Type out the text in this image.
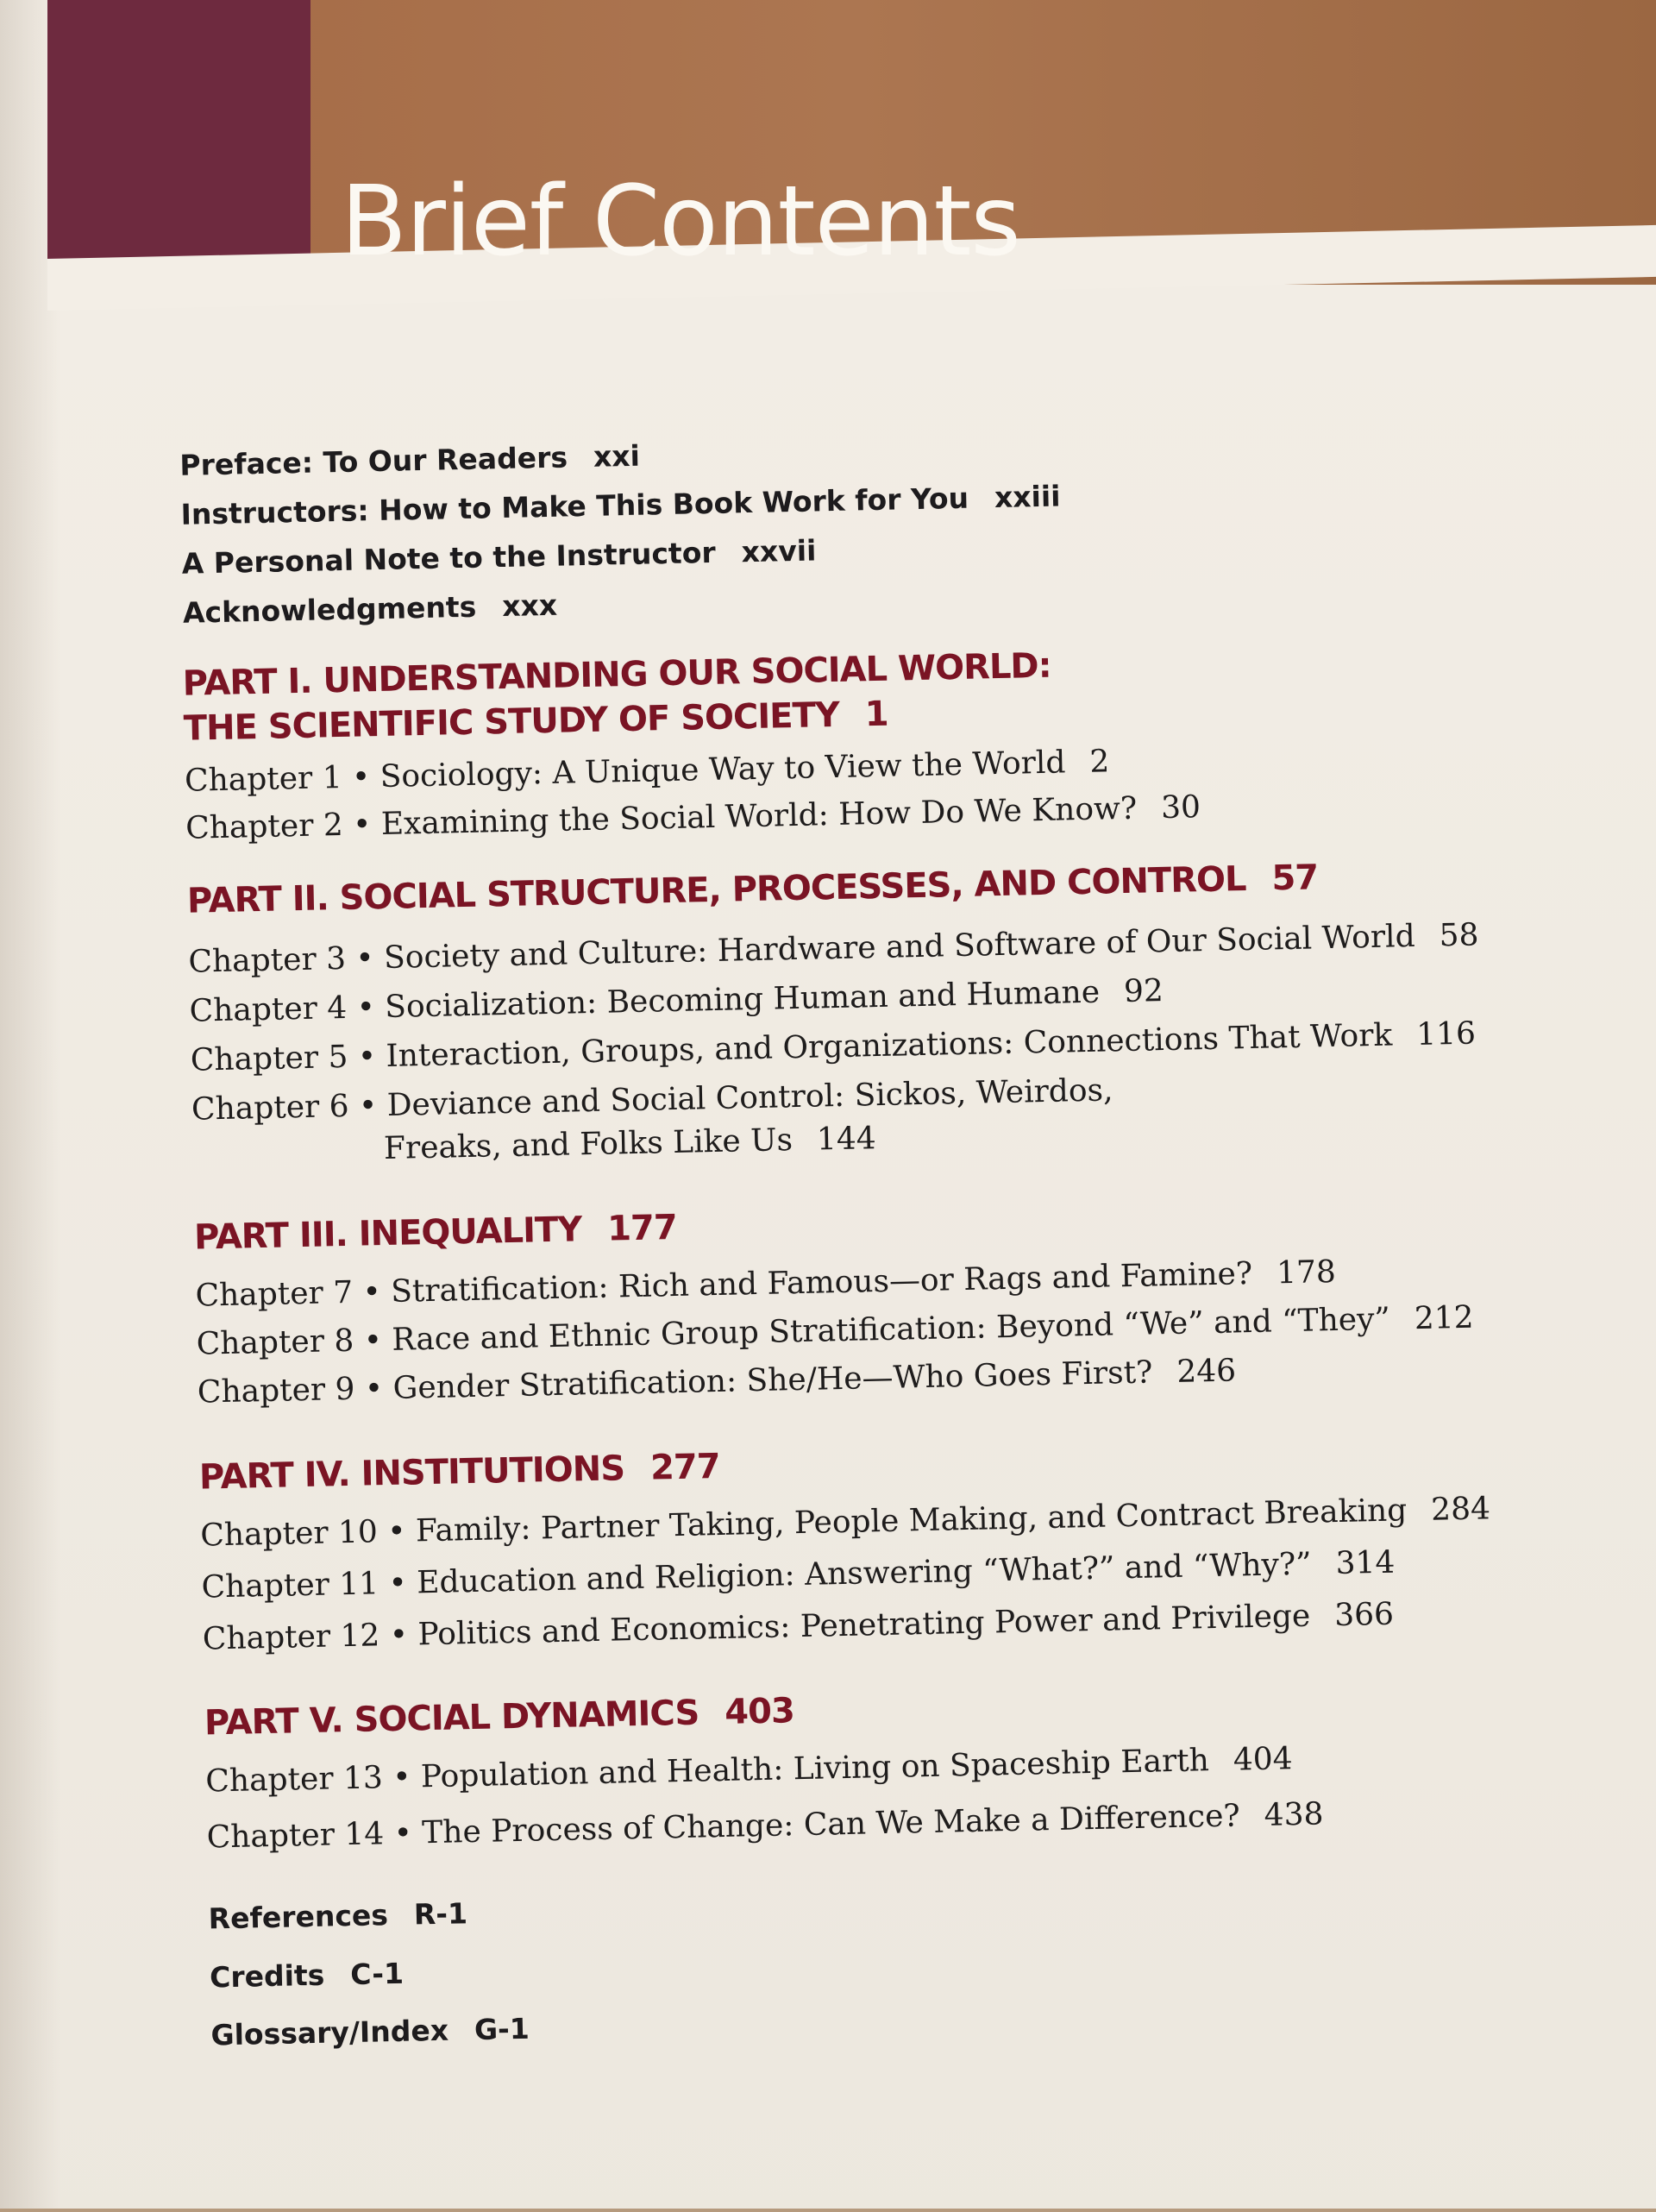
Brief Contents
Preface: To Our Readers xxi
Instructors: How to Make This Book Work for You xxiii
A Personal Note to the Instructor xxvii
Acknowledgments xxx
PART I. UNDERSTANDING OUR SOCIAL WORLD:
THE SCIENTIFIC STUDY OF SOCIETY 1
Chapter 1 • Sociology: A Unique Way to View the World 2
Chapter 2 • Examining the Social World: How Do We Know? 30
PART II. SOCIAL STRUCTURE, PROCESSES, AND CONTROL 57
Chapter 3 • Society and Culture: Hardware and Software of Our Social World 58
Chapter 4 • Socialization: Becoming Human and Humane 92
Chapter 5 • Interaction, Groups, and Organizations: Connections That Work 116
Chapter 6 • Deviance and Social Control: Sickos, Weirdos,
Freaks, and Folks Like Us 144
PART III. INEQUALITY 177
Chapter 7 • Stratification: Rich and Famous—or Rags and Famine? 178
Chapter 8 • Race and Ethnic Group Stratification: Beyond “We” and “They” 212
Chapter 9 • Gender Stratification: She/He—Who Goes First? 246
PART IV. INSTITUTIONS 277
Chapter 10 • Family: Partner Taking, People Making, and Contract Breaking 284
Chapter 11 • Education and Religion: Answering “What?” and “Why?” 314
Chapter 12 • Politics and Economics: Penetrating Power and Privilege 366
PART V. SOCIAL DYNAMICS 403
Chapter 13 • Population and Health: Living on Spaceship Earth 404
Chapter 14 • The Process of Change: Can We Make a Difference? 438
References R-1
Credits C-1
Glossary/Index G-1
